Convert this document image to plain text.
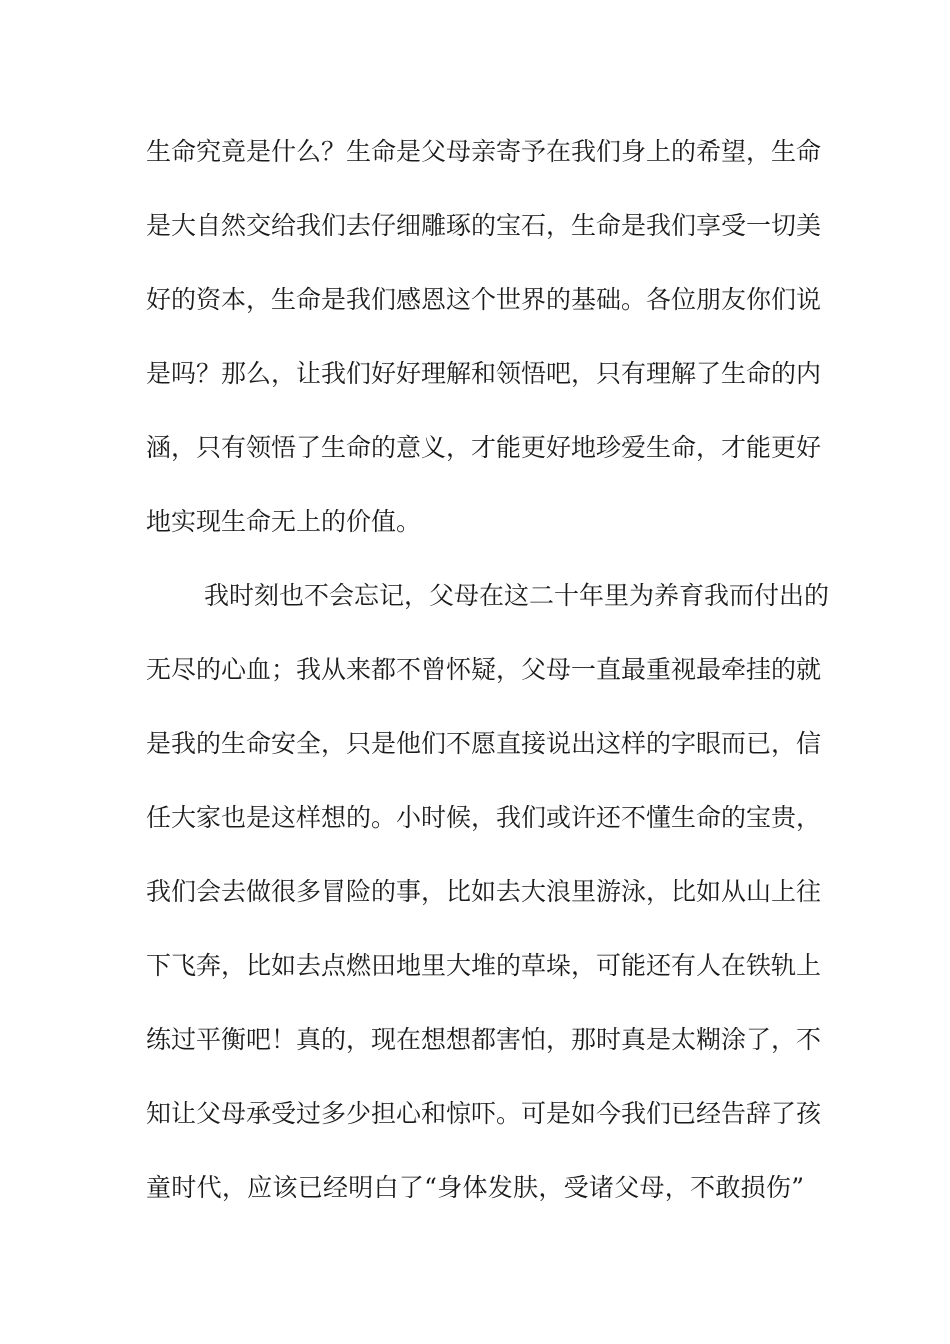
生命究竟是什么？生命是父母亲寄予在我们身上的希望，生命
是大自然交给我们去仔细雕琢的宝石，生命是我们享受一切美
好的资本，生命是我们感恩这个世界的基础。各位朋友你们说
是吗？那么，让我们好好理解和领悟吧，只有理解了生命的内
涵，只有领悟了生命的意义，才能更好地珍爱生命，才能更好
地实现生命无上的价值。
我时刻也不会忘记，父母在这二十年里为养育我而付出的
无尽的心血；我从来都不曾怀疑，父母一直最重视最牵挂的就
是我的生命安全，只是他们不愿直接说出这样的字眼而已，信
任大家也是这样想的。小时候，我们或许还不懂生命的宝贵，
我们会去做很多冒险的事，比如去大浪里游泳，比如从山上往
下飞奔，比如去点燃田地里大堆的草垛，可能还有人在铁轨上
练过平衡吧！真的，现在想想都害怕，那时真是太糊涂了，不
知让父母承受过多少担心和惊吓。可是如今我们已经告辞了孩
童时代，应该已经明白了“身体发肤，受诸父母，不敢损伤”
